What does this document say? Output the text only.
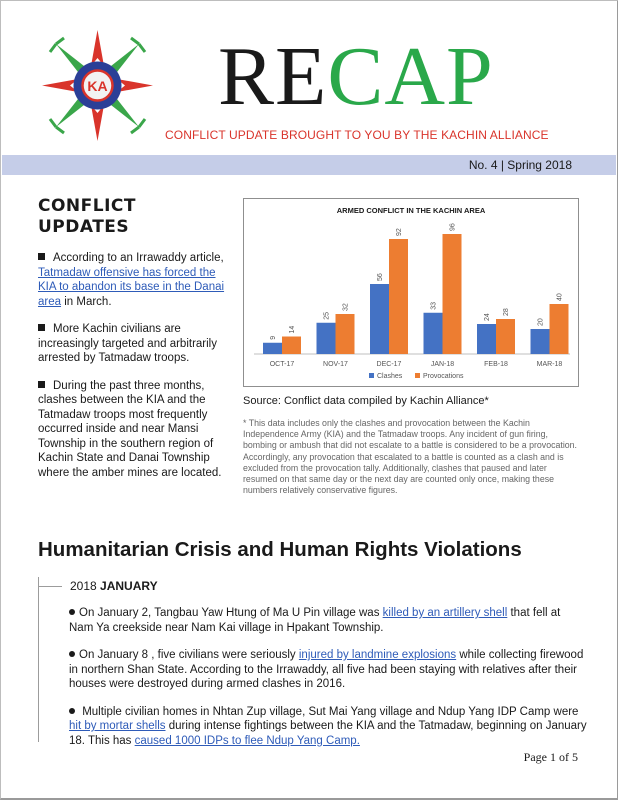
KA RECAP
CONFLICT UPDATE BROUGHT TO YOU BY THE KACHIN ALLIANCE
No. 4 | Spring 2018
CONFLICT UPDATES

According to an Irrawaddy article, Tatmadaw offensive has forced the KIA to abandon its base in the Danai area in March.

More Kachin civilians are increasingly targeted and arbitrarily arrested by Tatmadaw troops.

During the past three months, clashes between the KIA and the Tatmadaw troops most frequently occurred inside and near Mansi Township in the southern region of Kachin State and Danai Township where the amber mines are located.

ARMED CONFLICT IN THE KACHIN AREA
9
14
OCT-17
25
32
NOV-17
56
92
DEC-17
33
96
JAN-18
24
28
FEB-18
20
40
MAR-18
Clashes	Provocations
Source: Conflict data compiled by Kachin Alliance*
* This data includes only the clashes and provocation between the Kachin Independence Army (KIA) and the Tatmadaw troops. Any incident of gun firing, bombing or ambush that did not escalate to a battle is considered to be a provocation. Accordingly, any provocation that escalated to a battle is counted as a clash and is excluded from the provocation tally. Additionally, clashes that paused and later resumed on that same day or the next day are counted only once, making these numbers relatively conservative figures.
Humanitarian Crisis and Human Rights Violations
2018 JANUARY

On January 2, Tangbau Yaw Htung of Ma U Pin village was killed by an artillery shell that fell at Nam Ya creekside near Nam Kai village in Hpakant Township.

On January 8 , five civilians were seriously injured by landmine explosions while collecting firewood in northern Shan State. According to the Irrawaddy, all five had been staying with relatives after their houses were destroyed during armed clashes in 2016.

Multiple civilian homes in Nhtan Zup village, Sut Mai Yang village and Ndup Yang IDP Camp were hit by mortar shells during intense fightings between the KIA and the Tatmadaw, beginning on January 18. This has caused 1000 IDPs to flee Ndup Yang Camp.

Page 1 of 5
